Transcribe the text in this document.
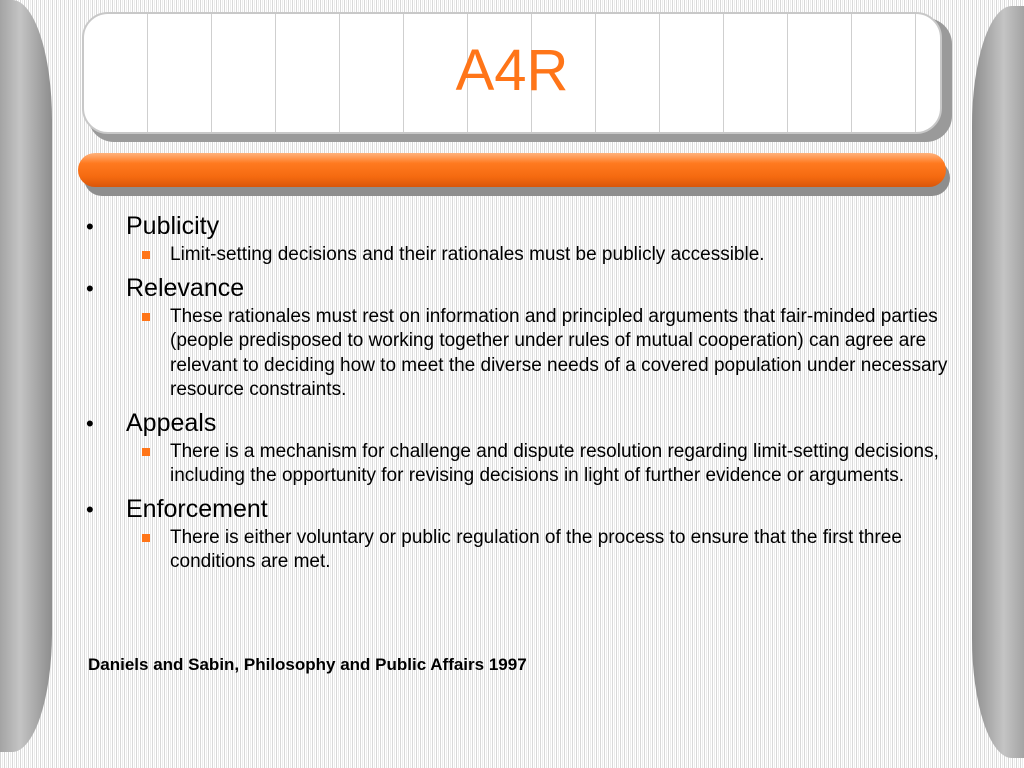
A4R
•	Publicity
Limit-setting decisions and their rationales must be publicly accessible.
•	Relevance
These rationales must rest on information and principled arguments that fair-minded parties (people predisposed to working together under rules of mutual cooperation) can agree are relevant to deciding how to meet the diverse needs of a covered population under necessary resource constraints.
•	Appeals
There is a mechanism for challenge and dispute resolution regarding limit-setting decisions, including the opportunity for revising decisions in light of further evidence or arguments.
•	Enforcement
There is either voluntary or public regulation of the process to ensure that the first three conditions are met.
Daniels and Sabin, Philosophy and Public Affairs 1997
